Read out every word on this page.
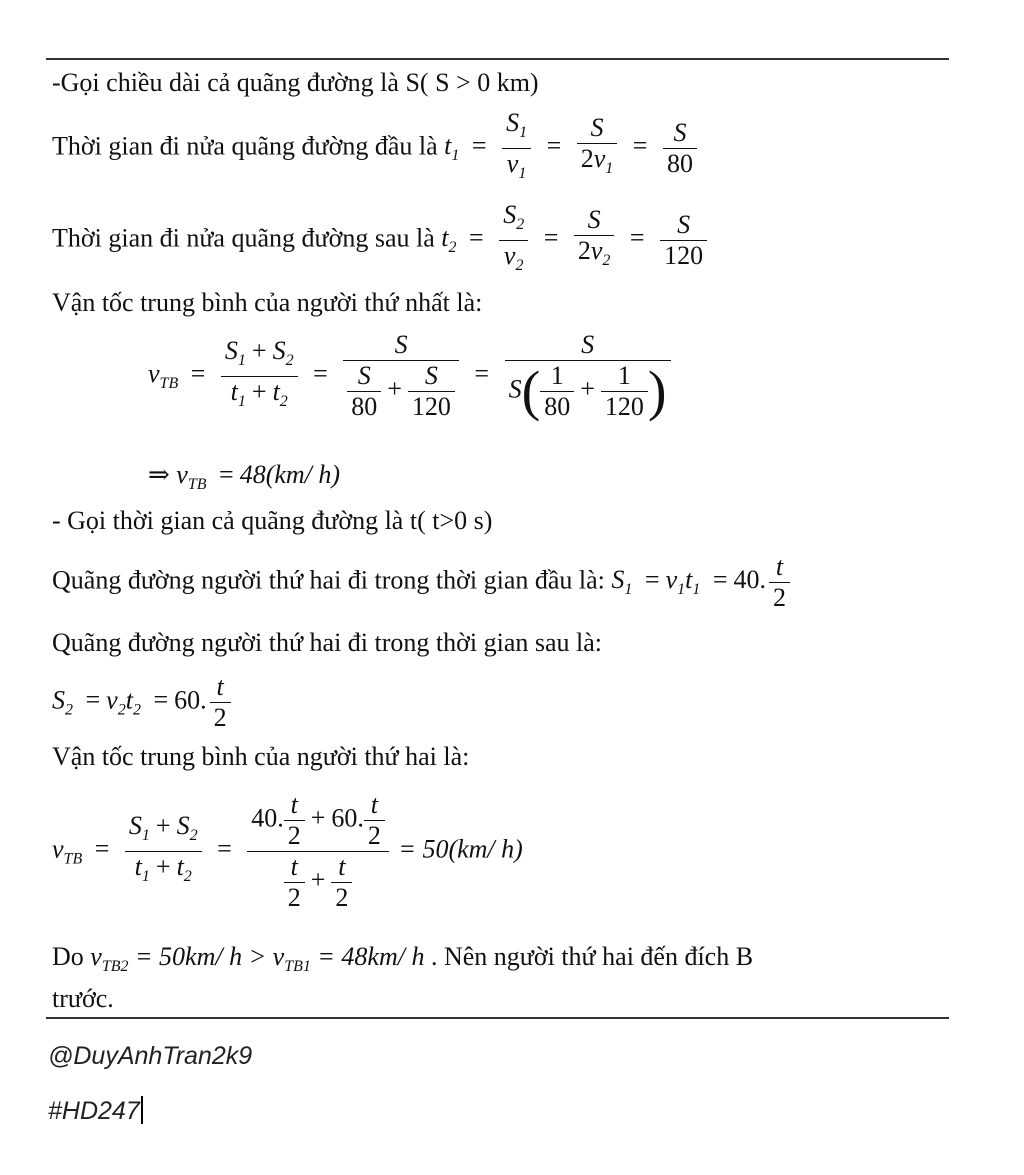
-Gọi chiều dài cả quãng đường là S( S > 0 km)
Thời gian đi nửa quãng đường đầu là $t_1 = \frac{S_1}{v_1} = \frac{S}{2v_1} = \frac{S}{80}$
Thời gian đi nửa quãng đường sau là $t_2 = \frac{S_2}{v_2} = \frac{S}{2v_2} = \frac{S}{120}$
Vận tốc trung bình của người thứ nhất là:
$v_{TB} = \frac{S_1 + S_2}{t_1 + t_2} = \frac{S}{\frac{S}{80} + \frac{S}{120}} = \frac{S}{S( \frac{1}{80} + \frac{1}{120} )}$
⇒ $v_{TB} = 48(km/$ h)
- Gọi thời gian cả quãng đường là t( t>0 s)
Quãng đường người thứ hai đi trong thời gian đầu là: $S_1 = v_1t_1 = 40$. $\frac{t}{2}$
Quãng đường người thứ hai đi trong thời gian sau là:
$S_2 = v_2t_2 = 60$. $\frac{t}{2}$
Vận tốc trung bình của người thứ hai là:
$v_{TB} = \frac{S_1 + S_2}{t_1 + t_2} = \frac{40. \frac{t}{2} + 60. \frac{t}{2}}{\frac{t}{2} + \frac{t}{2}} = 50(km/$ h)
Do $v_{TB2} = 50km/$ $h > v_{TB1} = 48km/$ h . Nên người thứ hai đến đích B
trước.
@DuyAnhTran2k9
#HD247
